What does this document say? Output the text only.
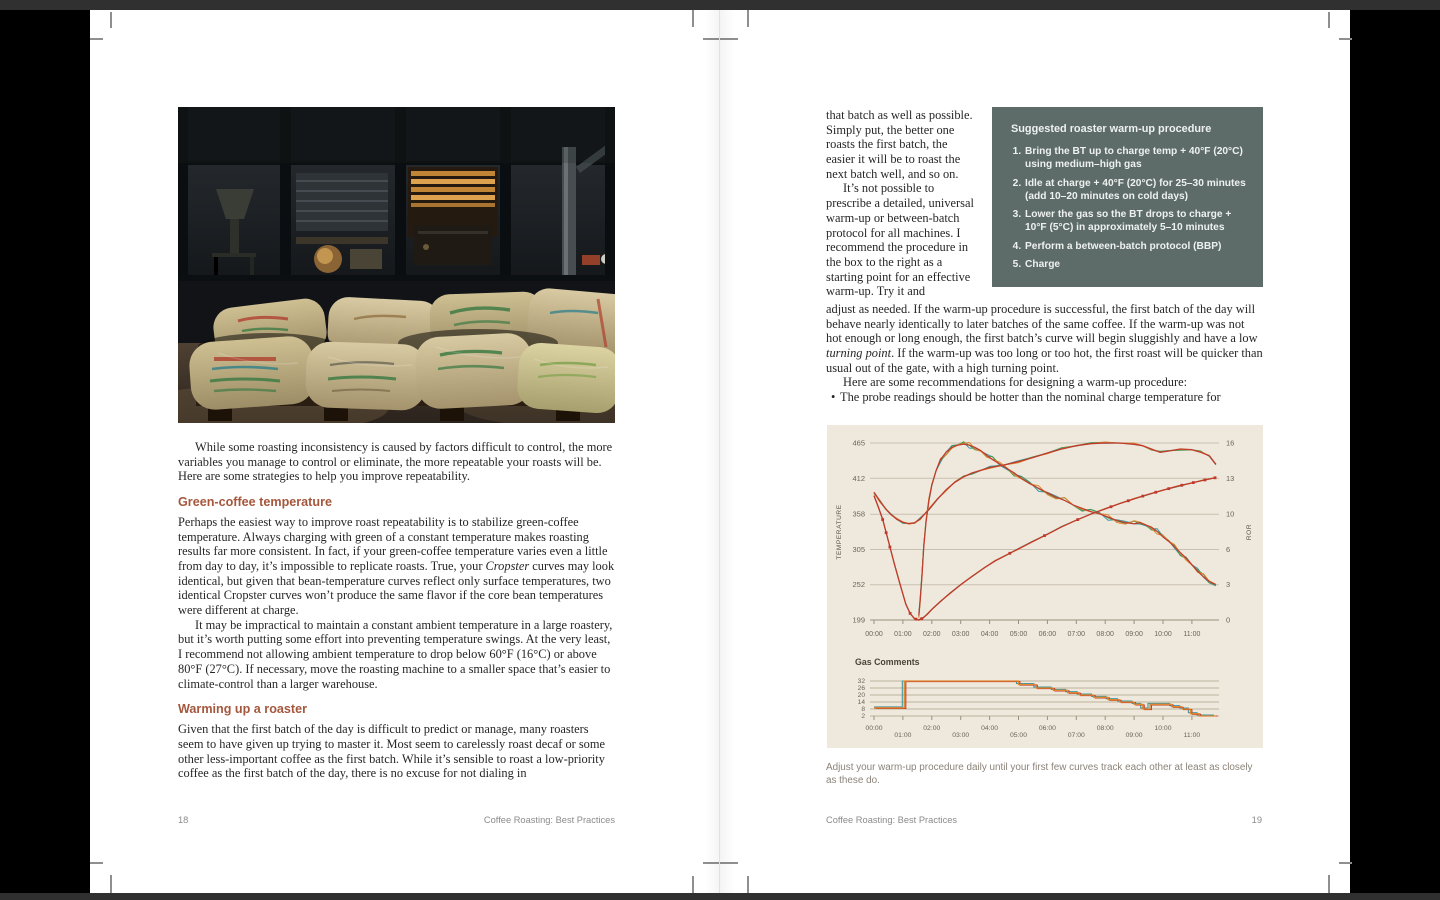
While some roasting inconsistency is caused by factors difficult to control, the more variables you manage to control or eliminate, the more repeatable your roasts will be. Here are some strategies to help you improve repeatability.

Green-coffee temperature

Perhaps the easiest way to improve roast repeatability is to stabilize green-coffee temperature. Always charging with green of a constant temperature makes roasting results far more consistent. In fact, if your green-coffee temperature varies even a little from day to day, it’s impossible to replicate roasts. True, your Cropster curves may look identical, but given that bean-temperature curves reflect only surface temperatures, two identical Cropster curves won’t produce the same flavor if the core bean temperatures were different at charge.

It may be impractical to maintain a constant ambient temperature in a large roastery, but it’s worth putting some effort into preventing temperature swings. At the very least, I recommend not allowing ambient temperature to drop below 60°F (16°C) or above 80°F (27°C). If necessary, move the roasting machine to a smaller space that’s easier to climate-control than a larger warehouse.

Warming up a roaster

Given that the first batch of the day is difficult to predict or manage, many roasters seem to have given up trying to master it. Most seem to carelessly roast decaf or some other less-important coffee as the first batch. While it’s sensible to roast a low-priority coffee as the first batch of the day, there is no excuse for not dialing in

18	Coffee Roasting: Best Practices

that batch as well as possible. Simply put, the better one roasts the first batch, the easier it will be to roast the next batch well, and so on.

It’s not possible to prescribe a detailed, universal warm-up or between-batch protocol for all machines. I recommend the procedure in the box to the right as a starting point for an effective warm-up. Try it and

Suggested roaster warm-up procedure
1. Bring the BT up to charge temp + 40°F (20°C) using medium–high gas
2. Idle at charge + 40°F (20°C) for 25–30 minutes (add 10–20 minutes on cold days)
3. Lower the gas so the BT drops to charge + 10°F (5°C) in approximately 5–10 minutes
4. Perform a between-batch protocol (BBP)
5. Charge

adjust as needed. If the warm-up procedure is successful, the first batch of the day will behave nearly identically to later batches of the same coffee. If the warm-up was not hot enough or long enough, the first batch’s curve will begin sluggishly and have a low turning point. If the warm-up was too long or too hot, the first roast will be quicker than usual out of the gate, with a high turning point.

Here are some recommendations for designing a warm-up procedure:

• The probe readings should be hotter than the nominal charge temperature for
199	0
252	3
305	6
358	10
412	13
465	16
TEMPERATURE	ROR
00:00 01:00 02:00 03:00 04:00 05:00 06:00 07:00 08:00 09:00 10:00 11:00
Gas Comments
32
26
20
14
8
2
00:00
01:00
02:00
03:00
04:00
05:00
06:00
07:00
08:00
09:00
10:00
11:00
Adjust your warm-up procedure daily until your first few curves track each other at least as closely as these do.
Coffee Roasting: Best Practices	19
